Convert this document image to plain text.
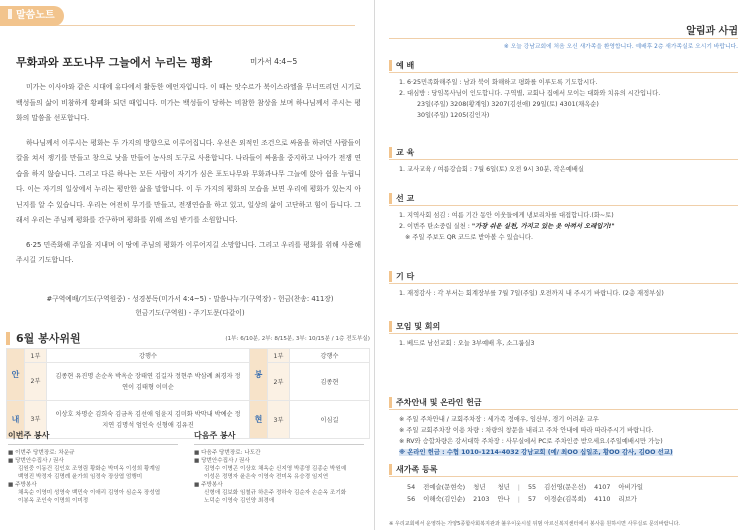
말씀노트
무화과와 포도나무 그늘에서 누리는 평화	미가서 4:4~5

미가는 이사야와 같은 시대에 유다에서 활동한 예언자입니다. 이 때는 앗수르가 북이스라엘을 무너뜨리던 시기로 백성들의 삶이 비참하게 황폐화 되던 때입니다. 미가는 백성들이 당하는 비참한 참상을 보며 하나님께서 주시는 평화의 말씀을 선포합니다.

하나님께서 이루시는 평화는 두 가지의 방향으로 이루어집니다. 우선은 외적인 조건으로 싸움을 하려던 사람들이 칼을 쳐서 쟁기를 만들고 창으로 낫을 만들어 농사의 도구로 사용합니다. 나라들이 싸움을 중지하고 나아가 전쟁 연습을 하지 않습니다. 그리고 다른 하나는 모든 사람이 자기가 심은 포도나무와 무화과나무 그늘에 앉아 쉼을 누립니다. 이는 자기의 일상에서 누리는 평안한 삶을 말합니다. 이 두 가지의 평화의 모습을 보면 우리에 평화가 있는지 아닌지를 알 수 있습니다. 우리는 여전히 무기를 만들고, 전쟁연습을 하고 있고, 일상의 삶이 고단하고 힘이 듭니다. 그래서 우리는 주님께 평화를 간구하며 평화를 위해 쓰임 받기를 소원합니다.

6·25 민족화해 주일을 지내며 이 땅에 주님의 평화가 이루어지길 소망합니다. 그리고 우리를 평화를 위해 사용해 주시길 기도합니다.

#구역예배/기도(구역원중) - 성경봉독(미가서 4:4~5) - 말씀나누기(구역장) - 헌금(찬송: 411장)
헌금기도(구역원) - 주기도문(다같이)
6월 봉사위원	(1부: 6/10분, 2부: 8/15분, 3부: 10/15분 / 1층 전도부실)
안	1부	강행수	봉	1부	강행수
	2부	김종현 유진명 손순옥 박옥순 장태연 김길자 정현주 박삼례 최경자 정연이 김태형 이미순		2부	김종현
내	3부	이상호 차명순 김희숙 김금옥 김선애 임윤지 김미화 박막내 박예순 정지연 김명석 엄인숙 신형애 김유진	현	3부	이심길
이번주 봉사
■ 이번주 당번장로: 차운규
■ 당번안수집사 / 권사
김원중 이동건 김인호 조영림 황화순 박미옥 이성희 황계임
백영진 박정자 김명례 윤가희 임정숙 장상엽 엄행미
■ 주방봉사
채옥순 이영미 성영숙 백민숙 이애리 김영아 심순옥 장성엽
이봉옥 조인숙 이명희 이미정
다음주 봉사
■ 다음주 당번장로: 나도간
■ 당번안수집사 / 권사
김영수 이병곤 이상호 채옥순 신지영 박종영 김종순 박원예
이성은 정명자 윤은숙 이영숙 전미옥 유승경 임지연
■ 주방봉사
신형애 김보화 임철규 하은주 정하숙 김순자 손순옥 조기화
노덕순 이영숙 김인양 최경애
알림과 사귐
※ 오늘 강남교회에 처음 오신 새가족을 환영합니다. 예배후 2층 새가족실로 오시기 바랍니다.
예 배
1. 6·25민족화해주일 : 남과 북이 화해하고 평화를 이루도록 기도합시다.
2. 대심방 : 당임목사님이 인도합니다. 구역별, 교회나 집에서 모이는 대화와 치유의 시간입니다.
23일(주일) 3208(황계임) 3207(김선애) 29일(토) 4301(채옥순)
30일(주일) 1205(김인자)
교 육
1. 교사교육 / 여름강습회 : 7월 6일(토) 오전 9시 30분, 작은예배실
선 교
1. 지역사회 섬김 : 여름 기간 동안 이웃들에게 냉보리차를 대접합니다.(화~토)
2. 이번주 탄소중립 실천 : "가장 쉬운 실천, 가지고 있는 옷 아껴서 오래입기!"
※ 주일 주보도 QR 코드로 받아볼 수 있습니다.
기 타
1. 재정감사 : 각 부서는 회계장부를 7월 7일(주일) 오전까지 내 주시기 바랍니다. (2층 재정부실)
모임 및 회의
1. 베드로 남선교회 : 오늘 3부예배 후, 소그룹실3
주차안내 및 온라인 헌금
※ 주일 주차안내 / 교회주차장 : 세가족 정애우, 임산부, 경기 어려운 교우
※ 주일 교회주차장 이용 차량 : 차량의 창문을 내리고 주차 안내에 따라 따라주시기 바랍니다.
※ RV와 승합차량은 강서대학 주차장 : 사무실에서 PC로 주차인증 받으세요.(주일예배시만 가능)
※ 온라인 헌금 : 수협 1010-1214-4032 강남교회 (예/ 최OO 십일조, 황OO 감사, 김OO 선교)
새가족 등록
54	전예슬(문현숙)	청년	청년	|	55	김선영(문은선)	4107	아비가일
56	이해숙(김인순)	2103	안나	|	57	이경순(김복희)	4110	리브가
※ 우리교회에서 운영하는 가양5종합사회복지관과 불우이웃시설 뒤범 아르신복지센터에서 봉사를 원하시면 사무실로 문의바랍니다.
